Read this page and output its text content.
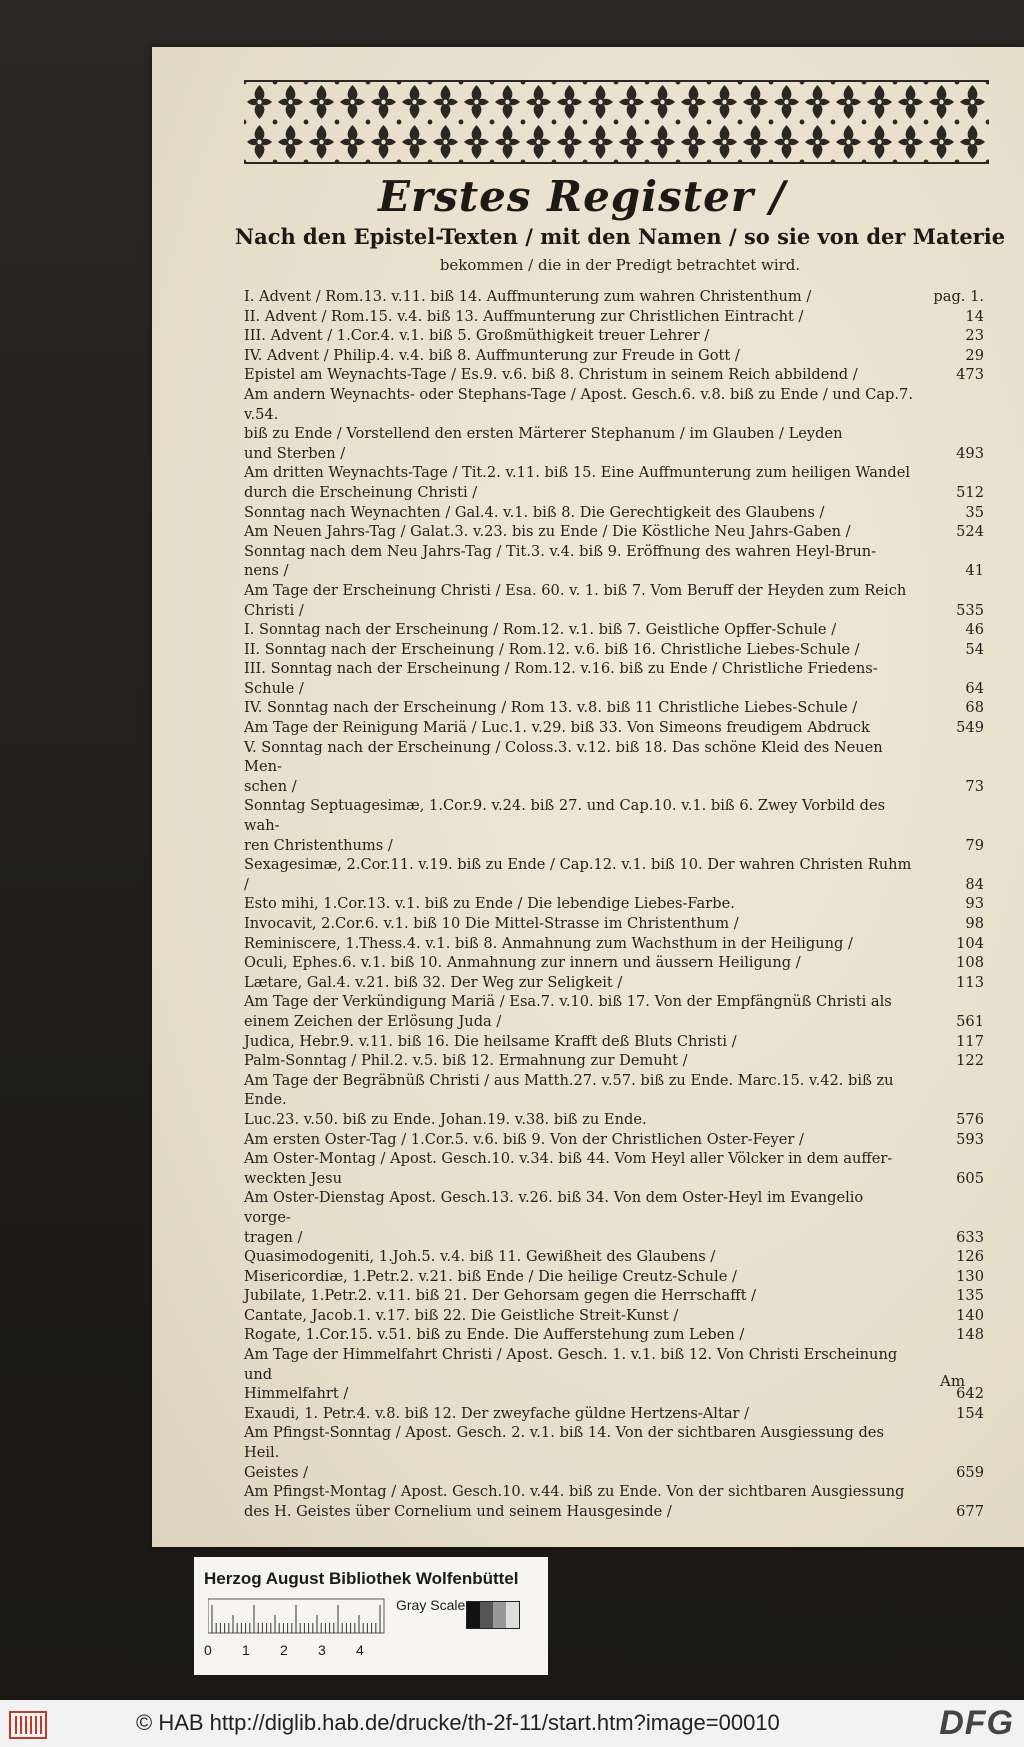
Erstes Register /
Nach den Epistel-Texten / mit den Namen / so sie von der Materie
bekommen / die in der Predigt betrachtet wird.
I. Advent / Rom.13. v.11. biß 14. Auffmunterung zum wahren Christenthum /	pag. 1.
II. Advent / Rom.15. v.4. biß 13. Auffmunterung zur Christlichen Eintracht /	14
III. Advent / 1.Cor.4. v.1. biß 5. Großmüthigkeit treuer Lehrer /	23
IV. Advent / Philip.4. v.4. biß 8. Auffmunterung zur Freude in Gott /	29
Epistel am Weynachts-Tage / Es.9. v.6. biß 8. Christum in seinem Reich abbildend /	473
Am andern Weynachts- oder Stephans-Tage / Apost. Gesch.6. v.8. biß zu Ende / und Cap.7. v.54.
biß zu Ende / Vorstellend den ersten Märterer Stephanum / im Glauben / Leyden
und Sterben /	493
Am dritten Weynachts-Tage / Tit.2. v.11. biß 15. Eine Auffmunterung zum heiligen Wandel
durch die Erscheinung Christi /	512
Sonntag nach Weynachten / Gal.4. v.1. biß 8. Die Gerechtigkeit des Glaubens /	35
Am Neuen Jahrs-Tag / Galat.3. v.23. bis zu Ende / Die Köstliche Neu Jahrs-Gaben /	524
Sonntag nach dem Neu Jahrs-Tag / Tit.3. v.4. biß 9. Eröffnung des wahren Heyl-Brun-
nens /	41
Am Tage der Erscheinung Christi / Esa. 60. v. 1. biß 7. Vom Beruff der Heyden zum Reich
Christi /	535
I. Sonntag nach der Erscheinung / Rom.12. v.1. biß 7. Geistliche Opffer-Schule /	46
II. Sonntag nach der Erscheinung / Rom.12. v.6. biß 16. Christliche Liebes-Schule /	54
III. Sonntag nach der Erscheinung / Rom.12. v.16. biß zu Ende / Christliche Friedens-Schule /	64
IV. Sonntag nach der Erscheinung / Rom 13. v.8. biß 11 Christliche Liebes-Schule /	68
Am Tage der Reinigung Mariä / Luc.1. v.29. biß 33. Von Simeons freudigem Abdruck	549
V. Sonntag nach der Erscheinung / Coloss.3. v.12. biß 18. Das schöne Kleid des Neuen Men-
schen /	73
Sonntag Septuagesimæ, 1.Cor.9. v.24. biß 27. und Cap.10. v.1. biß 6. Zwey Vorbild des wah-
ren Christenthums /	79
Sexagesimæ, 2.Cor.11. v.19. biß zu Ende / Cap.12. v.1. biß 10. Der wahren Christen Ruhm /	84
Esto mihi, 1.Cor.13. v.1. biß zu Ende / Die lebendige Liebes-Farbe.	93
Invocavit, 2.Cor.6. v.1. biß 10 Die Mittel-Strasse im Christenthum /	98
Reminiscere, 1.Thess.4. v.1. biß 8. Anmahnung zum Wachsthum in der Heiligung /	104
Oculi, Ephes.6. v.1. biß 10. Anmahnung zur innern und äussern Heiligung /	108
Lætare, Gal.4. v.21. biß 32. Der Weg zur Seligkeit /	113
Am Tage der Verkündigung Mariä / Esa.7. v.10. biß 17. Von der Empfängnüß Christi als
einem Zeichen der Erlösung Juda /	561
Judica, Hebr.9. v.11. biß 16. Die heilsame Krafft deß Bluts Christi /	117
Palm-Sonntag / Phil.2. v.5. biß 12. Ermahnung zur Demuht /	122
Am Tage der Begräbnüß Christi / aus Matth.27. v.57. biß zu Ende. Marc.15. v.42. biß zu Ende.
Luc.23. v.50. biß zu Ende. Johan.19. v.38. biß zu Ende.	576
Am ersten Oster-Tag / 1.Cor.5. v.6. biß 9. Von der Christlichen Oster-Feyer /	593
Am Oster-Montag / Apost. Gesch.10. v.34. biß 44. Vom Heyl aller Völcker in dem auffer-
weckten Jesu	605
Am Oster-Dienstag Apost. Gesch.13. v.26. biß 34. Von dem Oster-Heyl im Evangelio vorge-
tragen /	633
Quasimodogeniti, 1.Joh.5. v.4. biß 11. Gewißheit des Glaubens /	126
Misericordiæ, 1.Petr.2. v.21. biß Ende / Die heilige Creutz-Schule /	130
Jubilate, 1.Petr.2. v.11. biß 21. Der Gehorsam gegen die Herrschafft /	135
Cantate, Jacob.1. v.17. biß 22. Die Geistliche Streit-Kunst /	140
Rogate, 1.Cor.15. v.51. biß zu Ende. Die Aufferstehung zum Leben /	148
Am Tage der Himmelfahrt Christi / Apost. Gesch. 1. v.1. biß 12. Von Christi Erscheinung und
Himmelfahrt /	642
Exaudi, 1. Petr.4. v.8. biß 12. Der zweyfache güldne Hertzens-Altar /	154
Am Pfingst-Sonntag / Apost. Gesch. 2. v.1. biß 14. Von der sichtbaren Ausgiessung des Heil.
Geistes /	659
Am Pfingst-Montag / Apost. Gesch.10. v.44. biß zu Ende. Von der sichtbaren Ausgiessung
des H. Geistes über Cornelium und seinem Hausgesinde /	677
Am
Herzog August Bibliothek Wolfenbüttel
0 1 2 3 4
Gray Scale
© HAB http://diglib.hab.de/drucke/th-2f-11/start.htm?image=00010	DFG
